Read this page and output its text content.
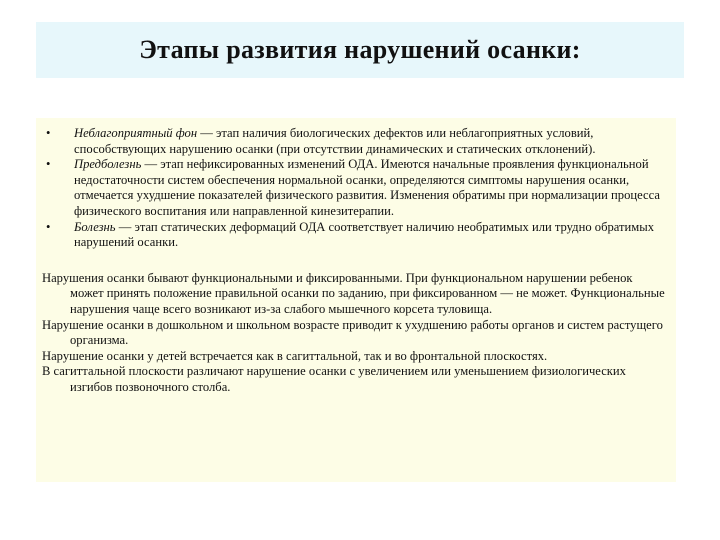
Этапы развития нарушений осанки:
• Неблагоприятный фон — этап наличия биологических дефектов или неблагоприятных условий, способствующих нарушению осанки (при отсутствии динамических и статических отклонений).
• Предболезнь — этап нефиксированных изменений ОДА. Имеются начальные проявления функциональной недостаточности систем обеспечения нормальной осанки, определяются симптомы нарушения осанки, отмечается ухудшение показателей физического развития. Изменения обратимы при нормализации процесса физического воспитания или направленной кинезитерапии.
• Болезнь — этап статических деформаций ОДА соответствует наличию необратимых или трудно обратимых нарушений осанки.

Нарушения осанки бывают функциональными и фиксированными. При функциональном нарушении ребенок может принять положение правильной осанки по заданию, при фиксированном — не может. Функциональные нарушения чаще всего возникают из-за слабого мышечного корсета туловища.

Нарушение осанки в дошкольном и школьном возрасте приводит к ухудшению работы органов и систем растущего организма.

Нарушение осанки у детей встречается как в сагиттальной, так и во фронтальной плоскостях.

В сагиттальной плоскости различают нарушение осанки с увеличением или уменьшением физиологических изгибов позвоночного столба.
